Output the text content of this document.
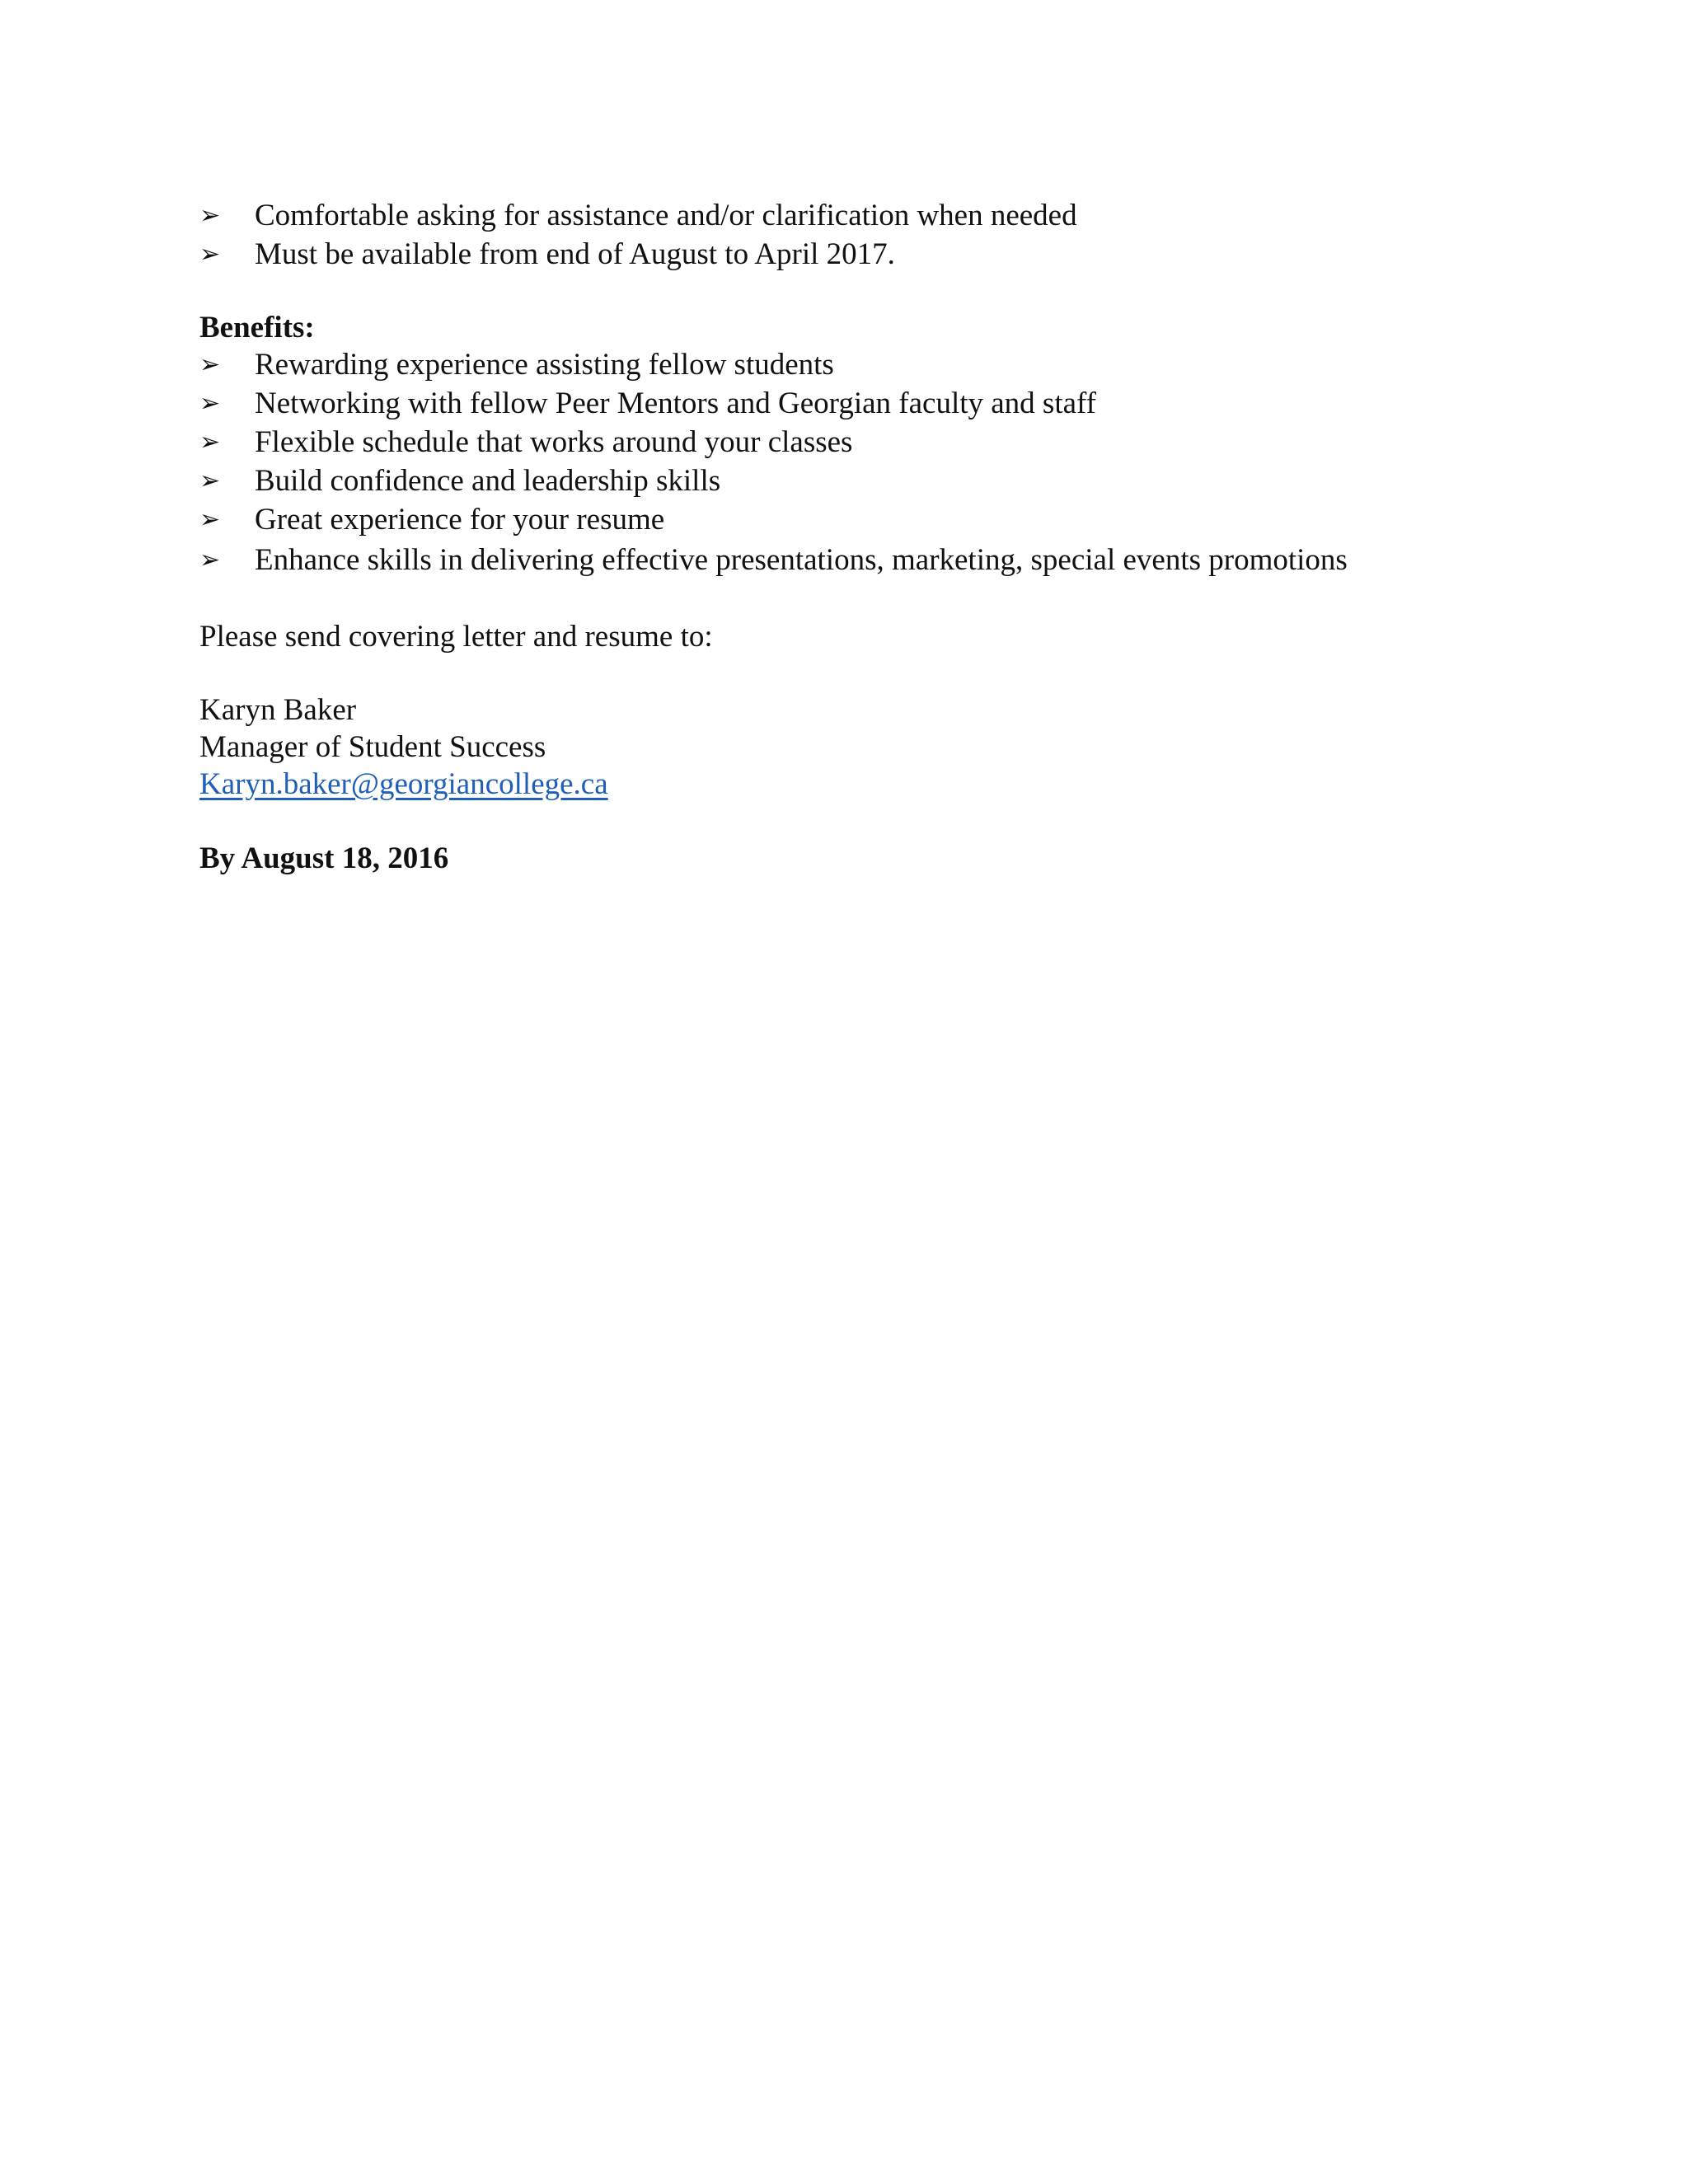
➢	Comfortable asking for assistance and/or clarification when needed
➢	Must be available from end of August to April 2017.
Benefits:
➢	Rewarding experience assisting fellow students
➢	Networking with fellow Peer Mentors and Georgian faculty and staff
➢	Flexible schedule that works around your classes
➢	Build confidence and leadership skills
➢	Great experience for your resume
➢	Enhance skills in delivering effective presentations, marketing, special events promotions
Please send covering letter and resume to:
Karyn Baker
Manager of Student Success
Karyn.baker@georgiancollege.ca
By August 18, 2016
